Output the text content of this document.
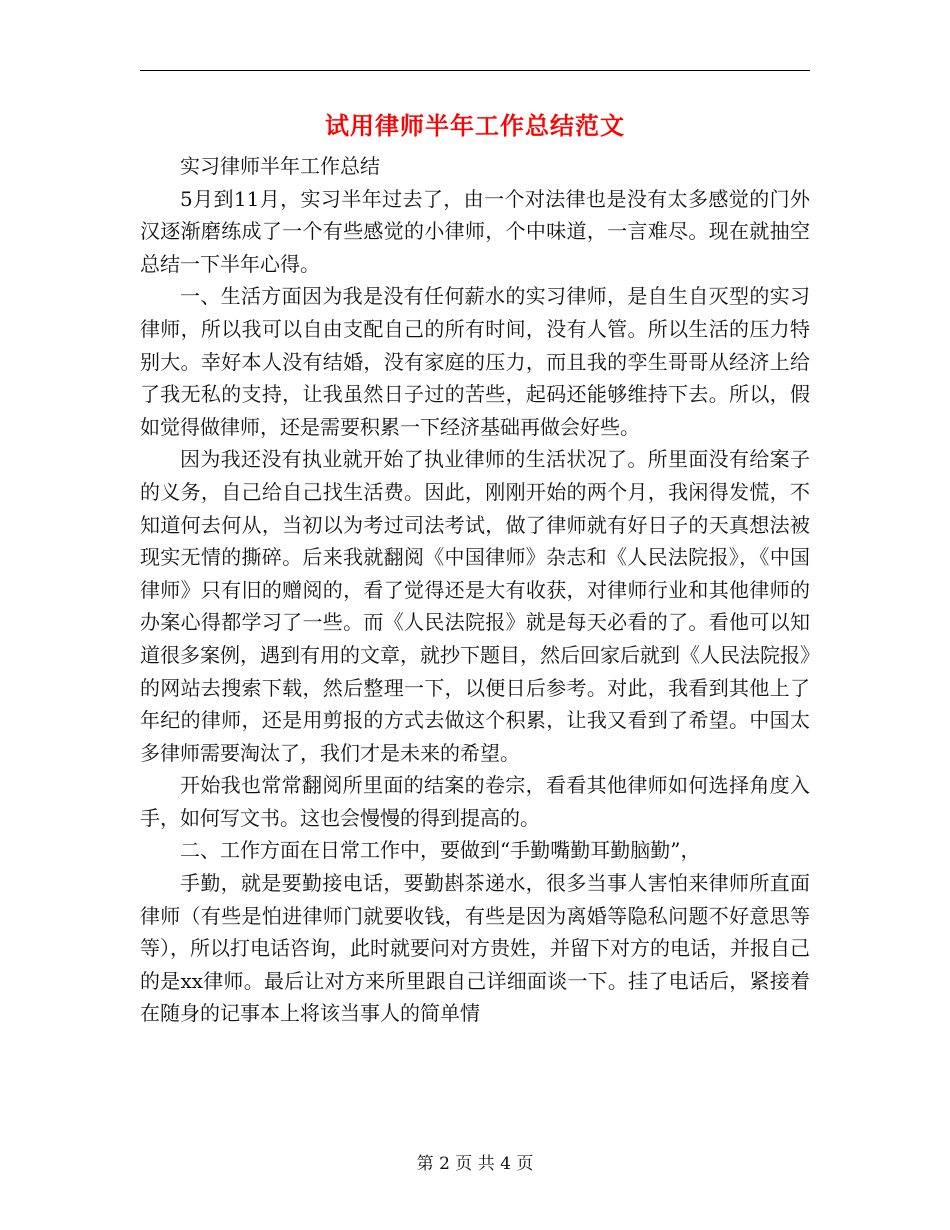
试用律师半年工作总结范文

实习律师半年工作总结

5月到11月，实习半年过去了，由一个对法律也是没有太多感觉的门外汉逐渐磨练成了一个有些感觉的小律师，个中味道，一言难尽。现在就抽空总结一下半年心得。

一、生活方面因为我是没有任何薪水的实习律师，是自生自灭型的实习律师，所以我可以自由支配自己的所有时间，没有人管。所以生活的压力特别大。幸好本人没有结婚，没有家庭的压力，而且我的孪生哥哥从经济上给了我无私的支持，让我虽然日子过的苦些，起码还能够维持下去。所以，假如觉得做律师，还是需要积累一下经济基础再做会好些。

因为我还没有执业就开始了执业律师的生活状况了。所里面没有给案子的义务，自己给自己找生活费。因此，刚刚开始的两个月，我闲得发慌，不知道何去何从，当初以为考过司法考试，做了律师就有好日子的天真想法被现实无情的撕碎。后来我就翻阅《中国律师》杂志和《人民法院报》，《中国律师》只有旧的赠阅的，看了觉得还是大有收获，对律师行业和其他律师的办案心得都学习了一些。而《人民法院报》就是每天必看的了。看他可以知道很多案例，遇到有用的文章，就抄下题目，然后回家后就到《人民法院报》的网站去搜索下载，然后整理一下，以便日后参考。对此，我看到其他上了年纪的律师，还是用剪报的方式去做这个积累，让我又看到了希望。中国太多律师需要淘汰了，我们才是未来的希望。

开始我也常常翻阅所里面的结案的卷宗，看看其他律师如何选择角度入手，如何写文书。这也会慢慢的得到提高的。

二、工作方面在日常工作中，要做到“手勤嘴勤耳勤脑勤”，

手勤，就是要勤接电话，要勤斟茶递水，很多当事人害怕来律师所直面律师（有些是怕进律师门就要收钱，有些是因为离婚等隐私问题不好意思等等），所以打电话咨询，此时就要问对方贵姓，并留下对方的电话，并报自己的是xx律师。最后让对方来所里跟自己详细面谈一下。挂了电话后，紧接着在随身的记事本上将该当事人的简单情

第 2 页 共 4 页
